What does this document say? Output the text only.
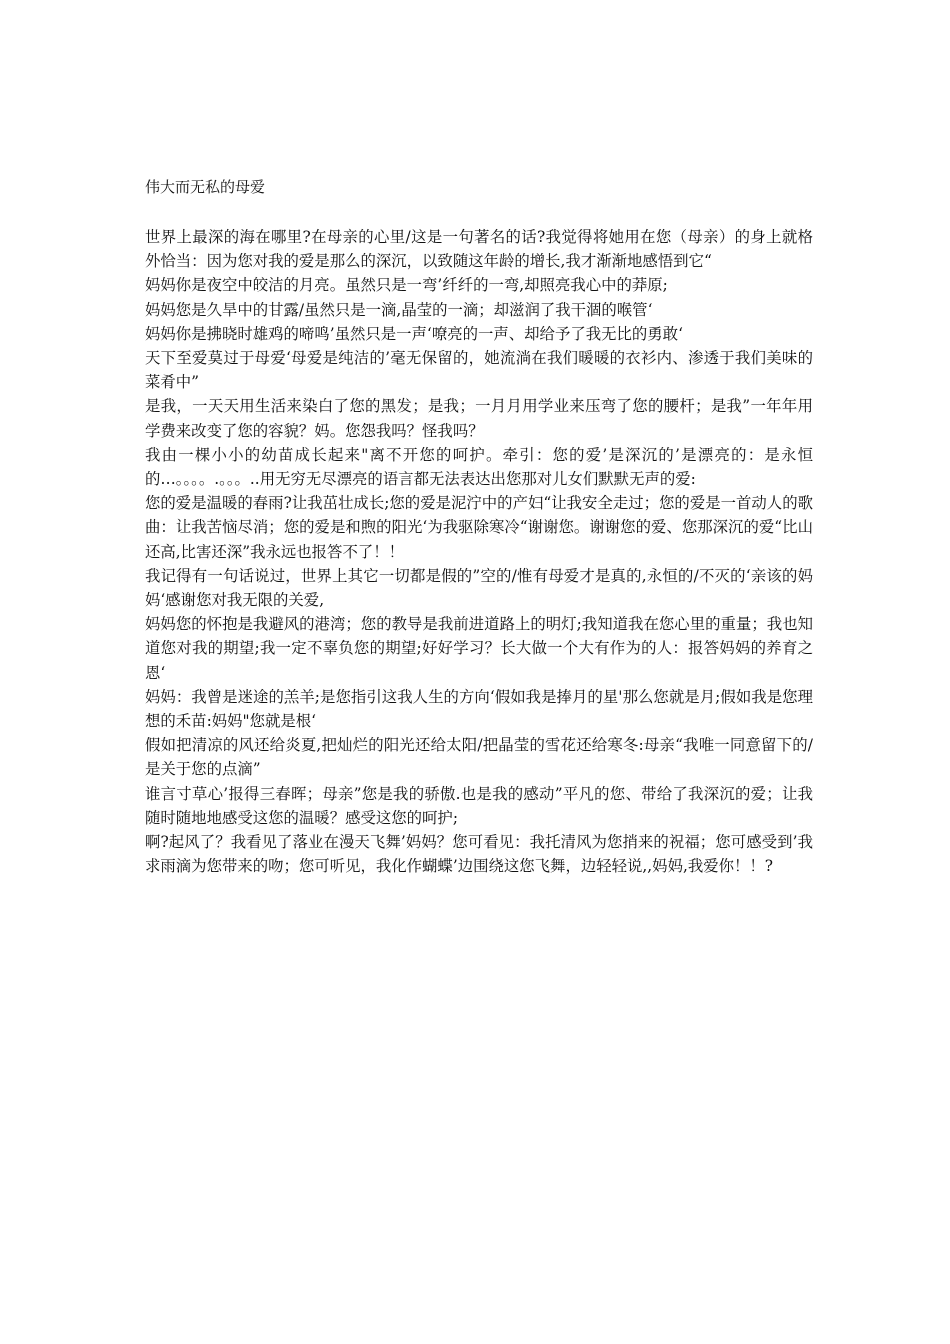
伟大而无私的母爱

世界上最深的海在哪里?在母亲的心里/这是一句著名的话?我觉得将她用在您（母亲）的身上就格外恰当：因为您对我的爱是那么的深沉，以致随这年龄的增长,我才渐渐地感悟到它“

妈妈你是夜空中皎洁的月亮。虽然只是一弯’纤纤的一弯,却照亮我心中的莽原;

妈妈您是久旱中的甘露/虽然只是一滴,晶莹的一滴；却滋润了我干涸的喉管‘

妈妈你是拂晓时雄鸡的啼鸣’虽然只是一声‘嘹亮的一声、却给予了我无比的勇敢‘

天下至爱莫过于母爱‘母爱是纯洁的’毫无保留的，她流淌在我们暖暖的衣衫内、渗透于我们美味的菜肴中”

是我，一天天用生活来染白了您的黑发；是我；一月月用学业来压弯了您的腰杆；是我”一年年用学费来改变了您的容貌？妈。您怨我吗？怪我吗？

我由一棵小小的幼苗成长起来"离不开您的呵护。牵引：您的爱’是深沉的’是漂亮的：是永恒的…。。。。.。。。..用无穷无尽漂亮的语言都无法表达出您那对儿女们默默无声的爱:

您的爱是温暖的春雨?让我茁壮成长;您的爱是泥泞中的产妇“让我安全走过；您的爱是一首动人的歌曲：让我苦恼尽消；您的爱是和煦的阳光‘为我驱除寒冷“谢谢您。谢谢您的爱、您那深沉的爱“比山还高,比害还深”我永远也报答不了！！

我记得有一句话说过，世界上其它一切都是假的”空的/惟有母爱才是真的,永恒的/不灭的‘亲该的妈妈‘感谢您对我无限的关爱,

妈妈您的怀抱是我避风的港湾；您的教导是我前进道路上的明灯;我知道我在您心里的重量；我也知道您对我的期望;我一定不辜负您的期望;好好学习？长大做一个大有作为的人：报答妈妈的养育之恩‘

妈妈：我曾是迷途的羔羊;是您指引这我人生的方向‘假如我是捧月的星'那么您就是月;假如我是您理想的禾苗:妈妈"您就是根‘

假如把清凉的风还给炎夏,把灿烂的阳光还给太阳/把晶莹的雪花还给寒冬:母亲“我唯一同意留下的/是关于您的点滴”

谁言寸草心’报得三春晖；母亲”您是我的骄傲.也是我的感动”平凡的您、带给了我深沉的爱；让我随时随地地感受这您的温暖？感受这您的呵护;

啊?起风了？我看见了落业在漫天飞舞’妈妈？您可看见：我托清风为您捎来的祝福；您可感受到’我求雨滴为您带来的吻；您可听见，我化作蝴蝶’边围绕这您飞舞，边轻轻说,,妈妈,我爱你！！?
